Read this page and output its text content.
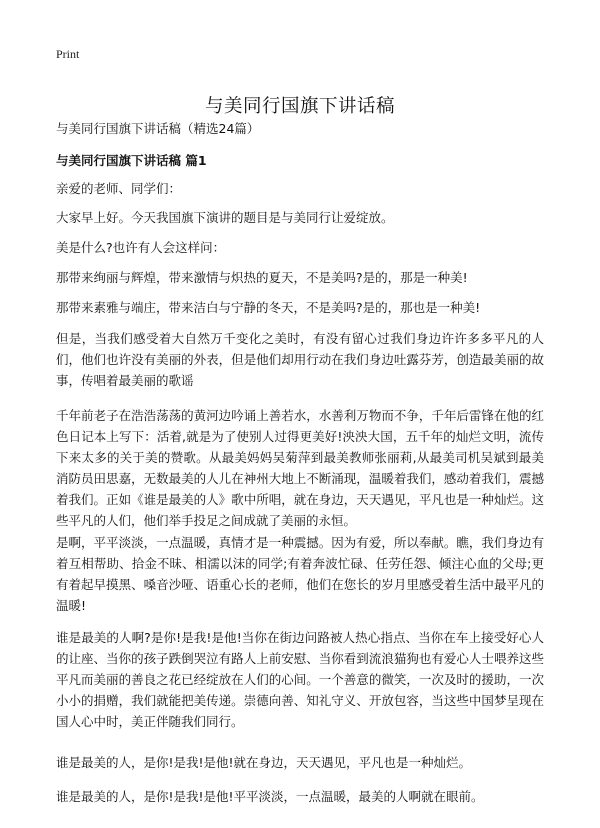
Print
与美同行国旗下讲话稿

与美同行国旗下讲话稿（精选24篇）

与美同行国旗下讲话稿 篇1

亲爱的老师、同学们：

大家早上好。今天我国旗下演讲的题目是与美同行让爱绽放。

美是什么?也许有人会这样问：

那带来绚丽与辉煌，带来激情与炽热的夏天，不是美吗?是的，那是一种美!

那带来素雅与端庄，带来洁白与宁静的冬天，不是美吗?是的，那也是一种美!

但是，当我们感受着大自然万千变化之美时，有没有留心过我们身边许许多多平凡的人们，他们也许没有美丽的外表，但是他们却用行动在我们身边吐露芬芳，创造最美丽的故事，传唱着最美丽的歌谣

千年前老子在浩浩荡荡的黄河边吟诵上善若水，水善利万物而不争，千年后雷锋在他的红色日记本上写下：活着,就是为了使别人过得更美好!泱泱大国，五千年的灿烂文明，流传下来太多的关于美的赞歌。从最美妈妈吴菊萍到最美教师张丽莉,从最美司机吴斌到最美消防员田思嘉，无数最美的人儿在神州大地上不断涌现，温暖着我们，感动着我们，震撼着我们。正如《谁是最美的人》歌中所唱，就在身边，天天遇见，平凡也是一种灿烂。这些平凡的人们，他们举手投足之间成就了美丽的永恒。

是啊，平平淡淡，一点温暖，真情才是一种震撼。因为有爱，所以奉献。瞧，我们身边有着互相帮助、拾金不昧、相濡以沫的同学;有着奔波忙碌、任劳任怨、倾注心血的父母;更有着起早摸黑、嗓音沙哑、语重心长的老师，他们在您长的岁月里感受着生活中最平凡的温暖!

谁是最美的人啊?是你!是我!是他!当你在街边问路被人热心指点、当你在车上接受好心人的让座、当你的孩子跌倒哭泣有路人上前安慰、当你看到流浪猫狗也有爱心人士喂养这些平凡而美丽的善良之花已经绽放在人们的心间。一个善意的微笑，一次及时的援助，一次小小的捐赠，我们就能把美传递。崇德向善、知礼守义、开放包容，当这些中国梦呈现在国人心中时，美正伴随我们同行。

谁是最美的人，是你!是我!是他!就在身边，天天遇见，平凡也是一种灿烂。

谁是最美的人，是你!是我!是他!平平淡淡，一点温暖，最美的人啊就在眼前。
